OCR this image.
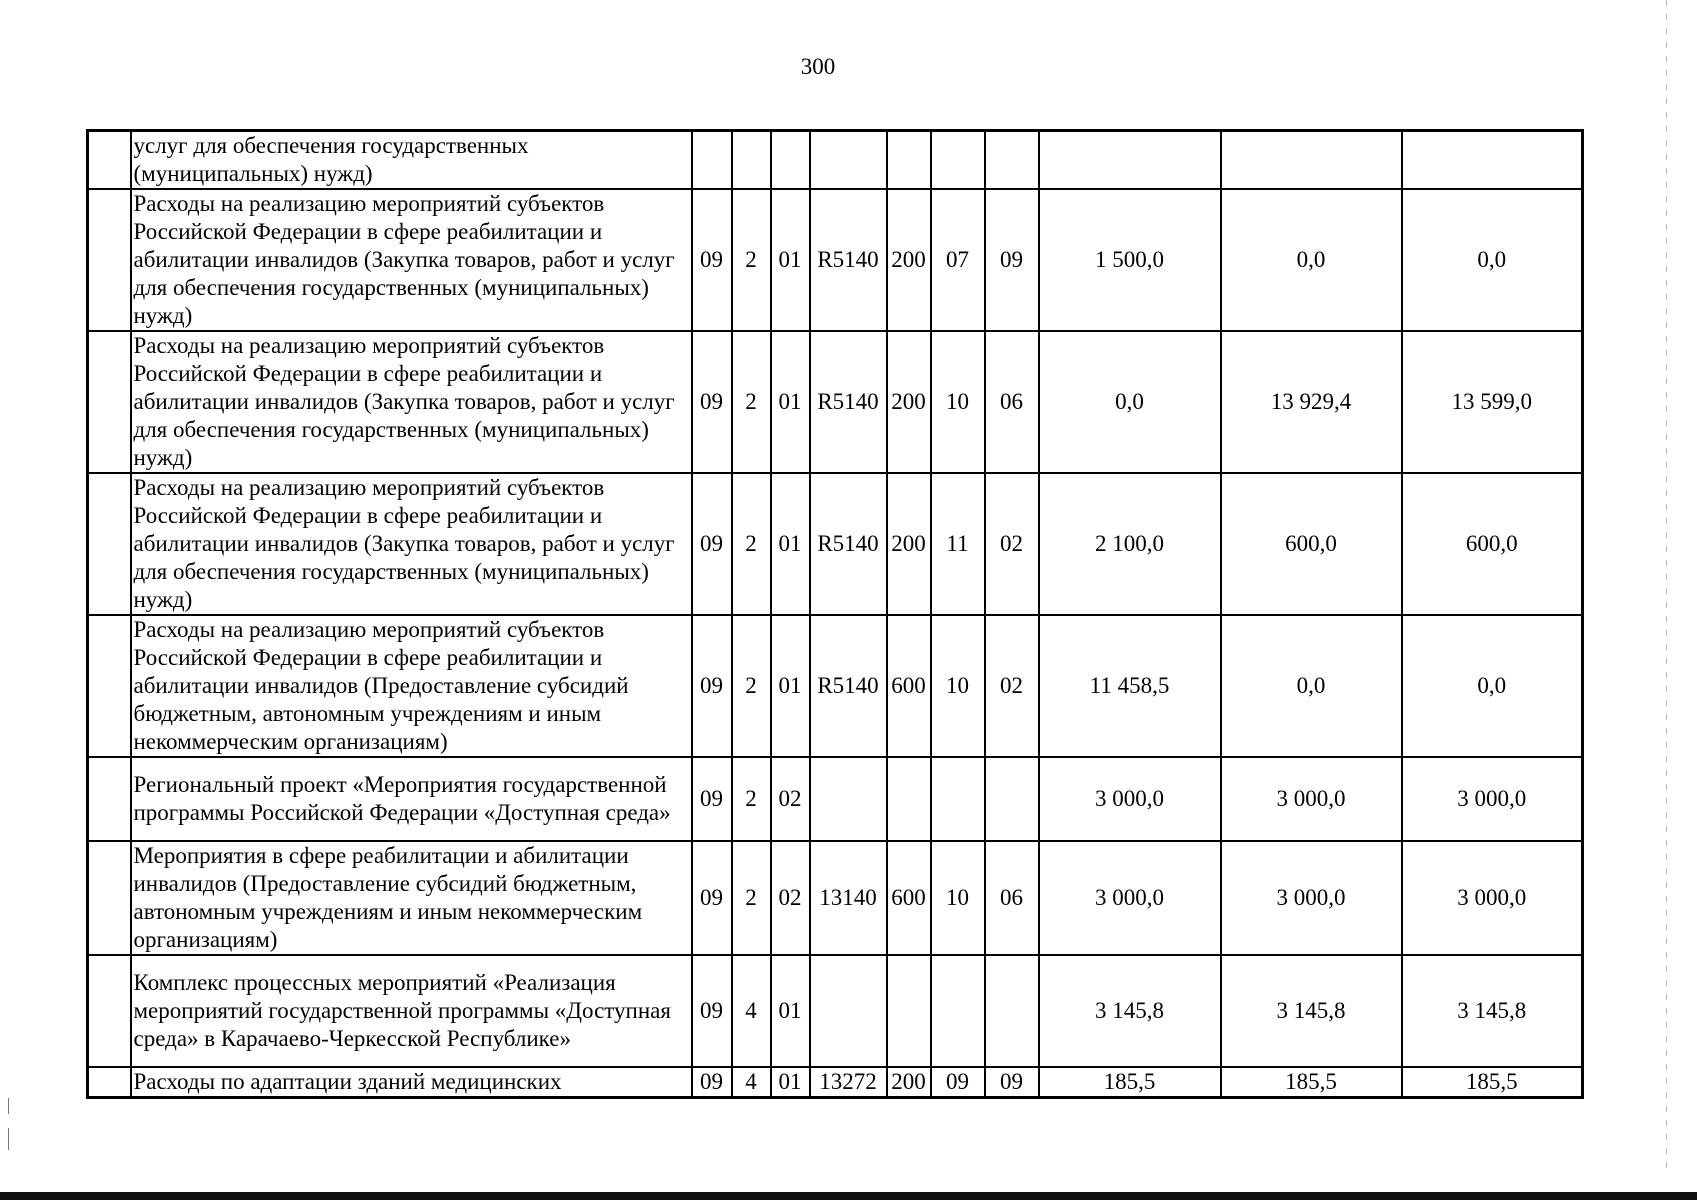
300
	услуг для обеспечения государственных (муниципальных) нужд)										
	Расходы на реализацию мероприятий субъектов Российской Федерации в сфере реабилитации и абилитации инвалидов (Закупка товаров, работ и услуг для обеспечения государственных (муниципальных) нужд)	09	2	01	R5140	200	07	09	1 500,0	0,0	0,0
	Расходы на реализацию мероприятий субъектов Российской Федерации в сфере реабилитации и абилитации инвалидов (Закупка товаров, работ и услуг для обеспечения государственных (муниципальных) нужд)	09	2	01	R5140	200	10	06	0,0	13 929,4	13 599,0
	Расходы на реализацию мероприятий субъектов Российской Федерации в сфере реабилитации и абилитации инвалидов (Закупка товаров, работ и услуг для обеспечения государственных (муниципальных) нужд)	09	2	01	R5140	200	11	02	2 100,0	600,0	600,0
	Расходы на реализацию мероприятий субъектов Российской Федерации в сфере реабилитации и абилитации инвалидов (Предоставление субсидий бюджетным, автономным учреждениям и иным некоммерческим организациям)	09	2	01	R5140	600	10	02	11 458,5	0,0	0,0
	Региональный проект «Мероприятия государственной программы Российской Федерации «Доступная среда»	09	2	02					3 000,0	3 000,0	3 000,0
	Мероприятия в сфере реабилитации и абилитации инвалидов (Предоставление субсидий бюджетным, автономным учреждениям и иным некоммерческим организациям)	09	2	02	13140	600	10	06	3 000,0	3 000,0	3 000,0
	Комплекс процессных мероприятий «Реализация мероприятий государственной программы «Доступная среда» в Карачаево-Черкесской Республике»	09	4	01					3 145,8	3 145,8	3 145,8
	Расходы по адаптации зданий медицинских	09	4	01	13272	200	09	09	185,5	185,5	185,5
